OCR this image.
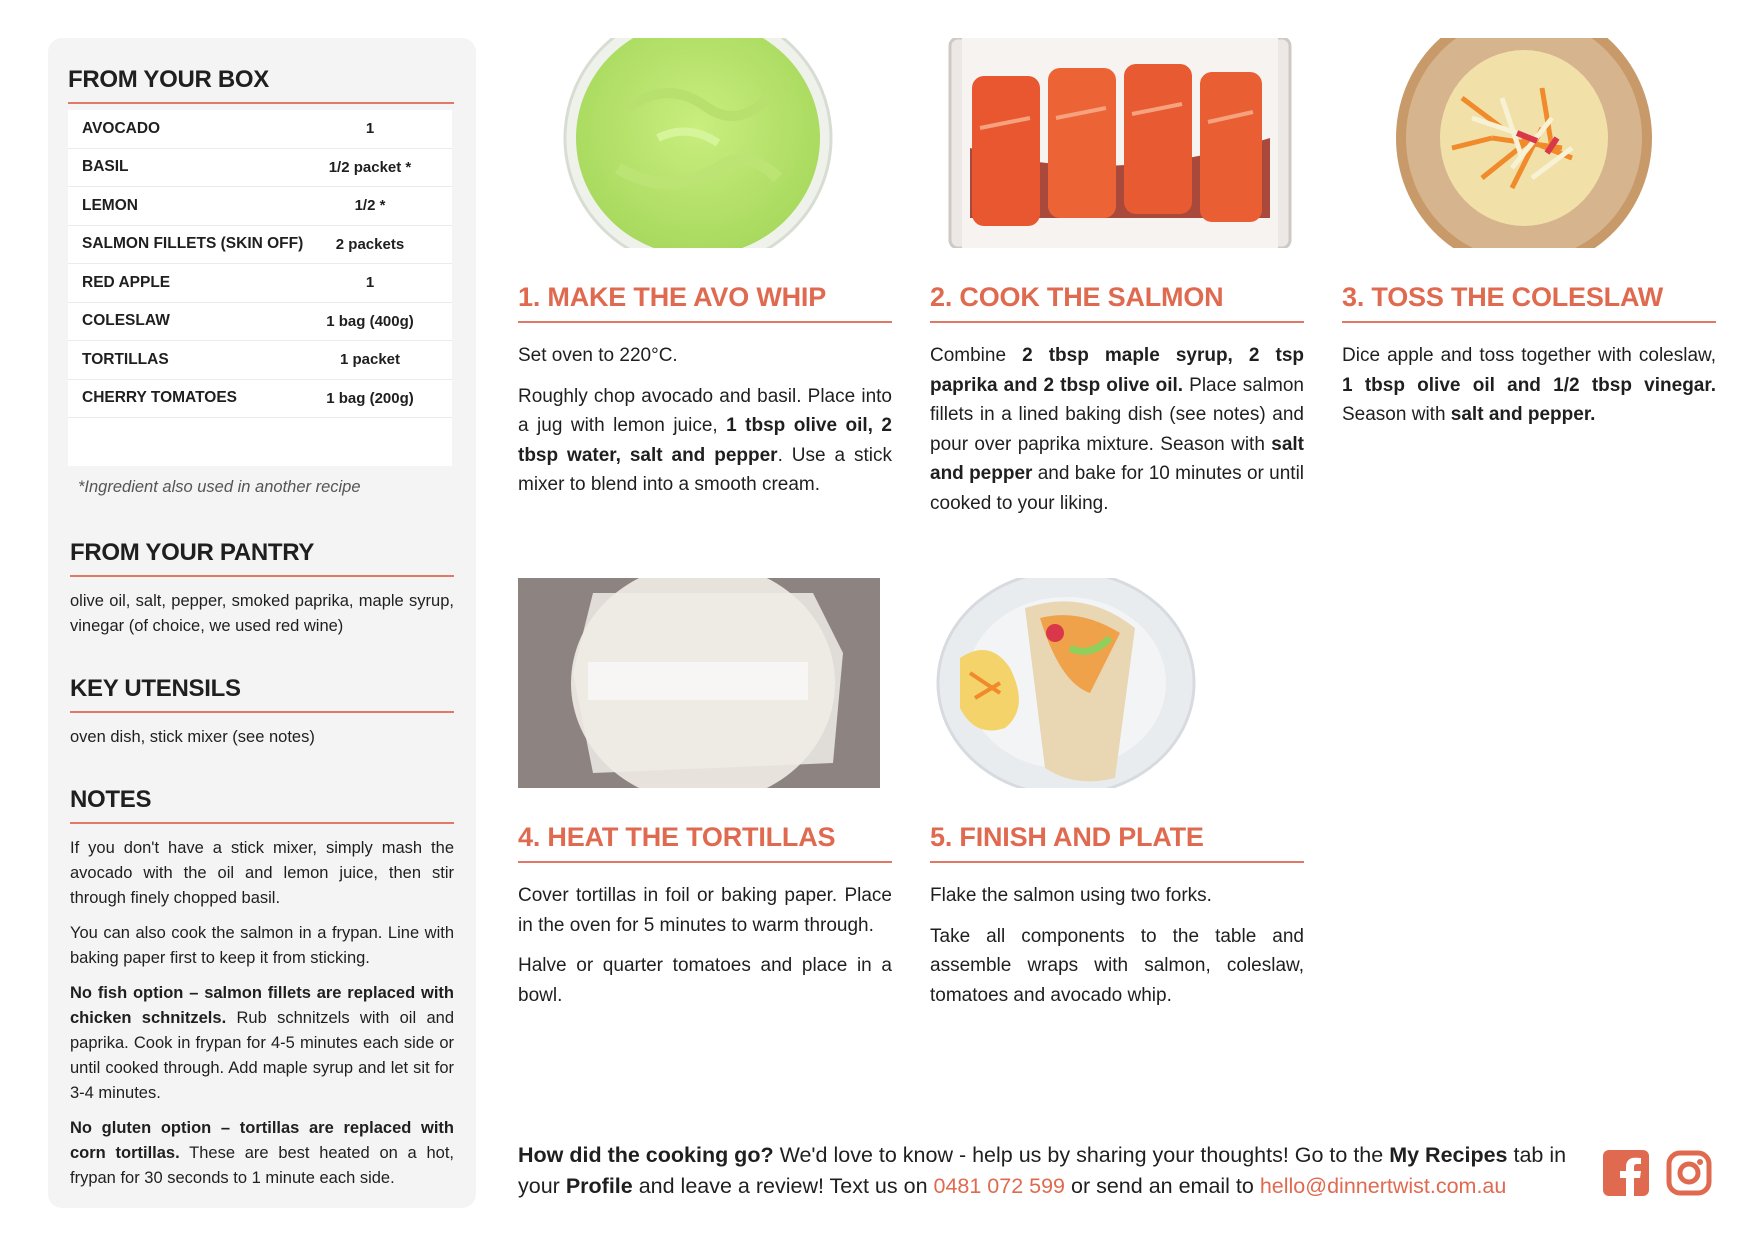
FROM YOUR BOX
AVOCADO	1
BASIL	1/2 packet *
LEMON	1/2 *
SALMON FILLETS (SKIN OFF)	2 packets
RED APPLE	1
COLESLAW	1 bag (400g)
TORTILLAS	1 packet
CHERRY TOMATOES	1 bag (200g)
*Ingredient also used in another recipe
FROM YOUR PANTRY
olive oil, salt, pepper, smoked paprika, maple syrup, vinegar (of choice, we used red wine)
KEY UTENSILS
oven dish, stick mixer (see notes)
NOTES

If you don't have a stick mixer, simply mash the avocado with the oil and lemon juice, then stir through finely chopped basil.

You can also cook the salmon in a frypan. Line with baking paper first to keep it from sticking.

No fish option – salmon fillets are replaced with chicken schnitzels. Rub schnitzels with oil and paprika. Cook in frypan for 4-5 minutes each side or until cooked through. Add maple syrup and let sit for 3-4 minutes.

No gluten option – tortillas are replaced with corn tortillas. These are best heated on a hot, frypan for 30 seconds to 1 minute each side.

1. MAKE THE AVO WHIP

Set oven to 220°C.

Roughly chop avocado and basil. Place into a jug with lemon juice, 1 tbsp olive oil, 2 tbsp water, salt and pepper. Use a stick mixer to blend into a smooth cream.

2. COOK THE SALMON

Combine 2 tbsp maple syrup, 2 tsp paprika and 2 tbsp olive oil. Place salmon fillets in a lined baking dish (see notes) and pour over paprika mixture. Season with salt and pepper and bake for 10 minutes or until cooked to your liking.

3. TOSS THE COLESLAW

Dice apple and toss together with coleslaw, 1 tbsp olive oil and 1/2 tbsp vinegar. Season with salt and pepper.

4. HEAT THE TORTILLAS

Cover tortillas in foil or baking paper. Place in the oven for 5 minutes to warm through.

Halve or quarter tomatoes and place in a bowl.

5. FINISH AND PLATE

Flake the salmon using two forks.

Take all components to the table and assemble wraps with salmon, coleslaw, tomatoes and avocado whip.

How did the cooking go? We'd love to know - help us by sharing your thoughts! Go to the My Recipes tab in your Profile and leave a review! Text us on 0481 072 599 or send an email to hello@dinnertwist.com.au
